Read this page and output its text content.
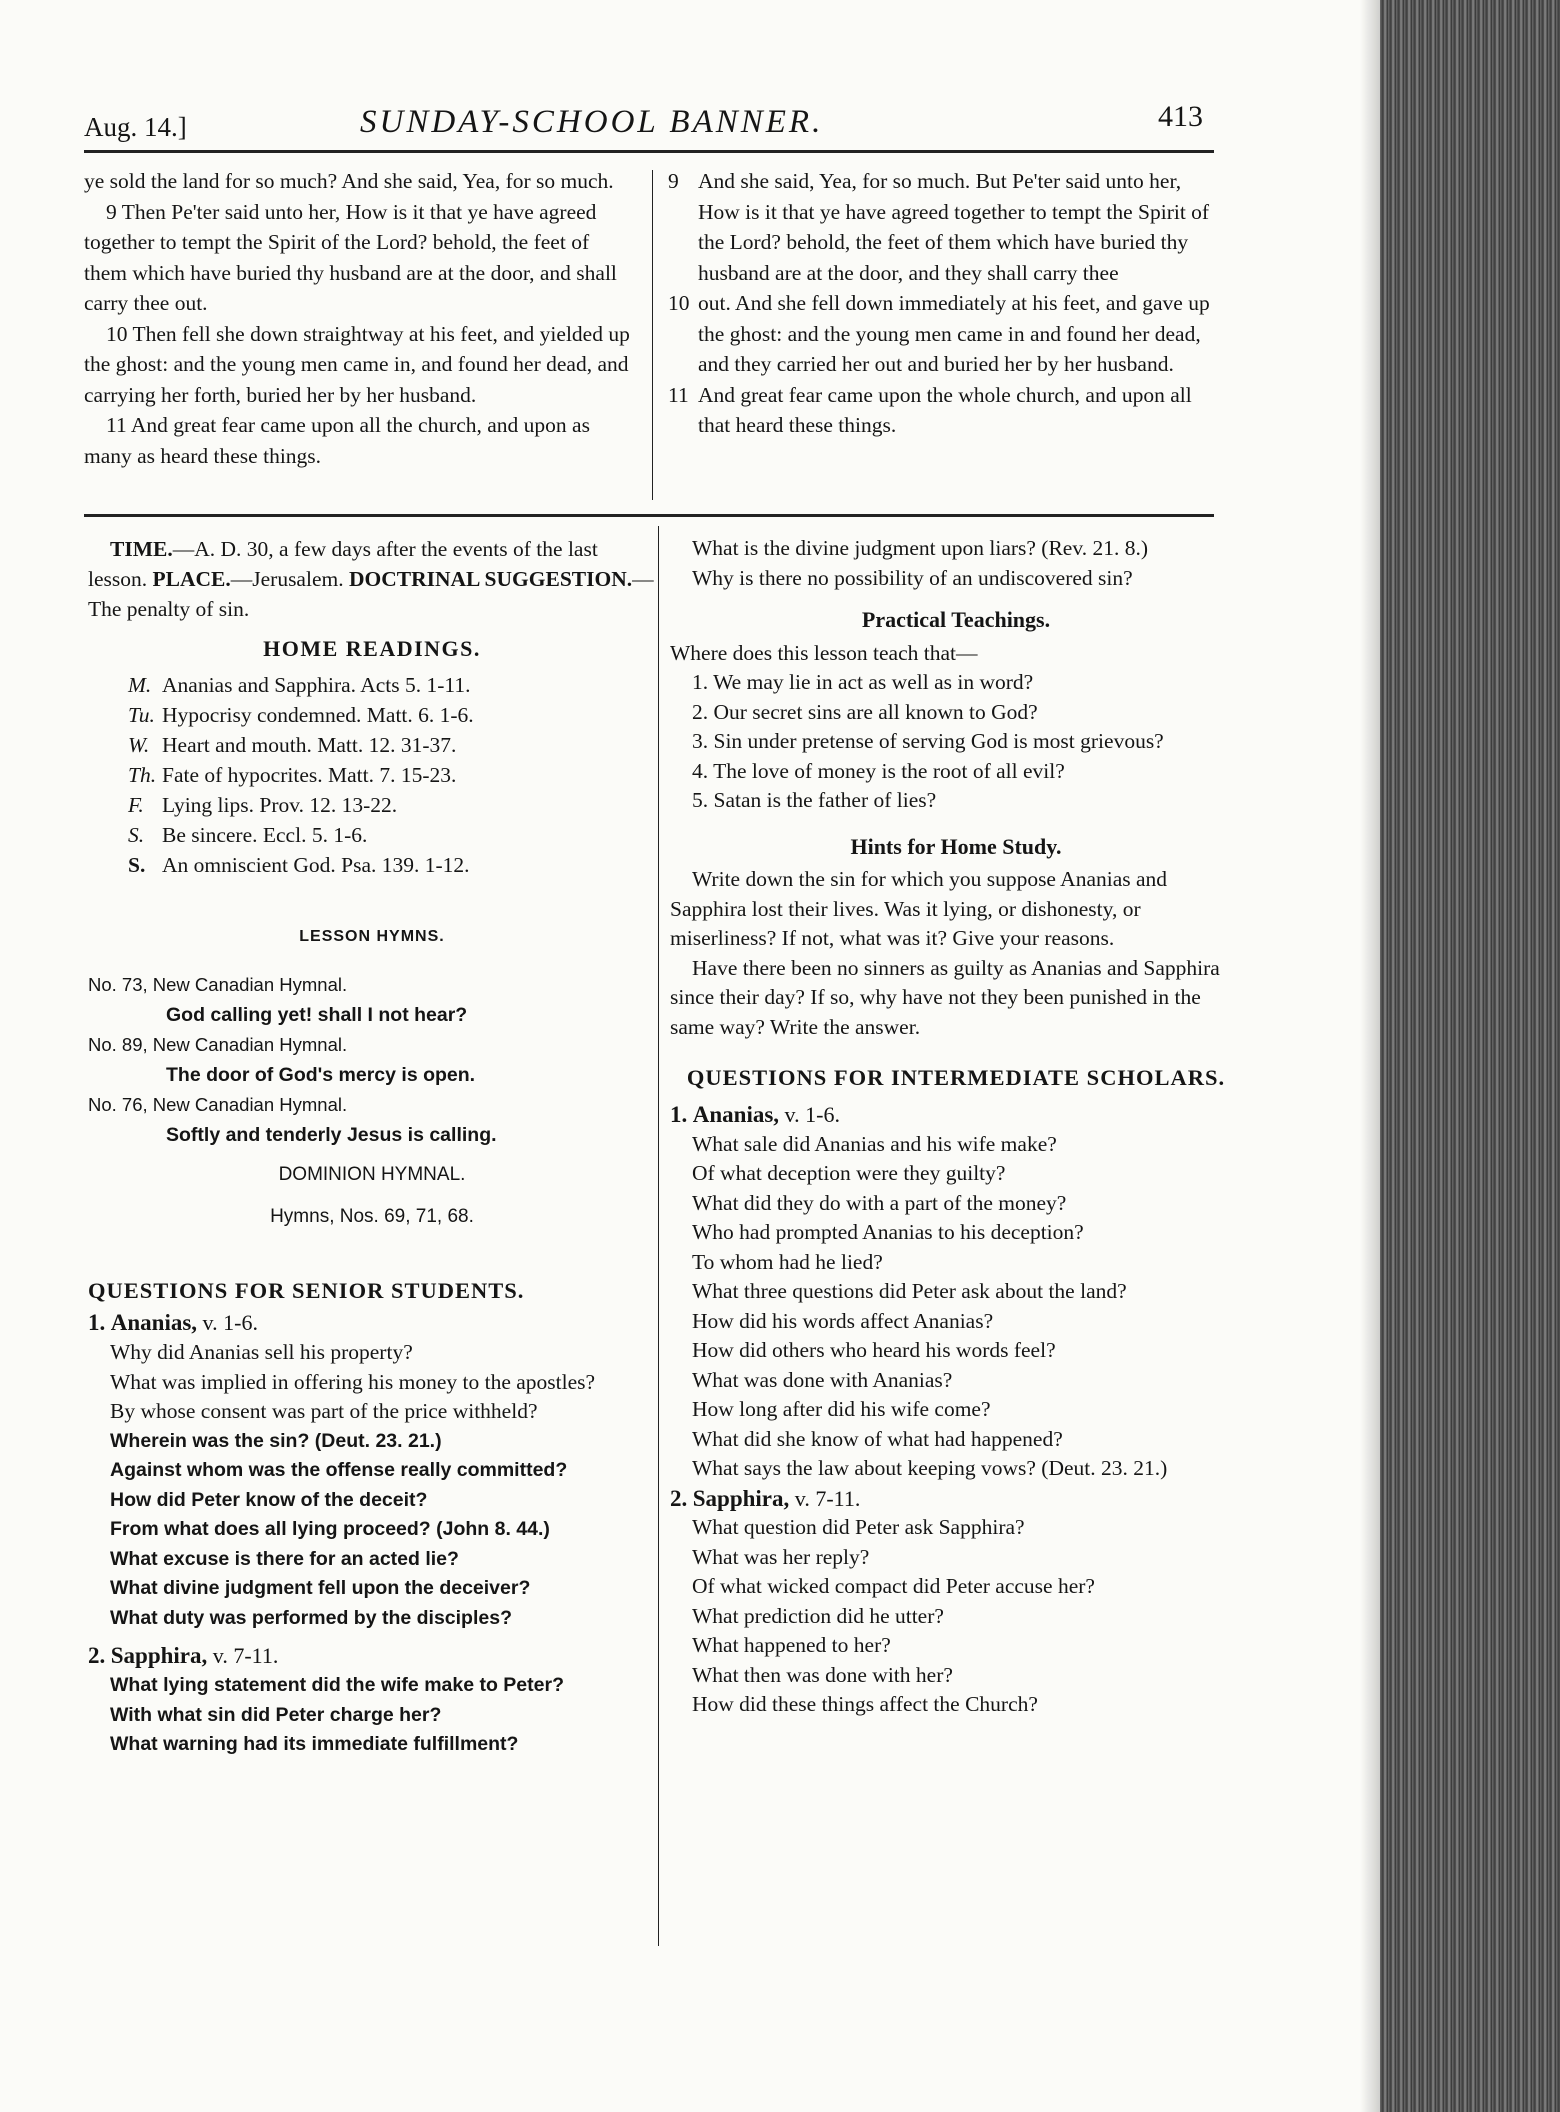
Aug. 14.]	SUNDAY-SCHOOL BANNER.	413

ye sold the land for so much? And she said, Yea, for so much.

9 Then Pe'ter said unto her, How is it that ye have agreed together to tempt the Spirit of the Lord? behold, the feet of them which have buried thy husband are at the door, and shall carry thee out.

10 Then fell she down straightway at his feet, and yielded up the ghost: and the young men came in, and found her dead, and carrying her forth, buried her by her husband.

11 And great fear came upon all the church, and upon as many as heard these things.

9 And she said, Yea, for so much. But Pe'ter said unto her, How is it that ye have agreed together to tempt the Spirit of the Lord? behold, the feet of them which have buried thy husband are at the door, and they shall carry thee

10 out. And she fell down immediately at his feet, and gave up the ghost: and the young men came in and found her dead, and they carried her out and buried her by her husband.

11 And great fear came upon the whole church, and upon all that heard these things.

TIME.—A. D. 30, a few days after the events of the last lesson. PLACE.—Jerusalem. DOCTRINAL SUGGESTION.—The penalty of sin.

HOME READINGS.

M. Ananias and Sapphira. Acts 5. 1-11.

Tu. Hypocrisy condemned. Matt. 6. 1-6.

W. Heart and mouth. Matt. 12. 31-37.

Th. Fate of hypocrites. Matt. 7. 15-23.

F. Lying lips. Prov. 12. 13-22.

S. Be sincere. Eccl. 5. 1-6.

S. An omniscient God. Psa. 139. 1-12.

LESSON HYMNS.

No. 73, New Canadian Hymnal.

God calling yet! shall I not hear?

No. 89, New Canadian Hymnal.

The door of God's mercy is open.

No. 76, New Canadian Hymnal.

Softly and tenderly Jesus is calling.

DOMINION HYMNAL.
Hymns, Nos. 69, 71, 68.
QUESTIONS FOR SENIOR STUDENTS.

1. Ananias, v. 1-6.

Why did Ananias sell his property?

What was implied in offering his money to the apostles?

By whose consent was part of the price withheld?

Wherein was the sin? (Deut. 23. 21.)

Against whom was the offense really committed?

How did Peter know of the deceit?

From what does all lying proceed? (John 8. 44.)

What excuse is there for an acted lie?

What divine judgment fell upon the deceiver?

What duty was performed by the disciples?

2. Sapphira, v. 7-11.

What lying statement did the wife make to Peter?

With what sin did Peter charge her?

What warning had its immediate fulfillment?

What is the divine judgment upon liars? (Rev. 21. 8.)

Why is there no possibility of an undiscovered sin?

Practical Teachings.

Where does this lesson teach that—

1. We may lie in act as well as in word?

2. Our secret sins are all known to God?

3. Sin under pretense of serving God is most grievous?

4. The love of money is the root of all evil?

5. Satan is the father of lies?

Hints for Home Study.

Write down the sin for which you suppose Ananias and Sapphira lost their lives. Was it lying, or dishonesty, or miserliness? If not, what was it? Give your reasons.

Have there been no sinners as guilty as Ananias and Sapphira since their day? If so, why have not they been punished in the same way? Write the answer.

QUESTIONS FOR INTERMEDIATE SCHOLARS.

1. Ananias, v. 1-6.

What sale did Ananias and his wife make?

Of what deception were they guilty?

What did they do with a part of the money?

Who had prompted Ananias to his deception?

To whom had he lied?

What three questions did Peter ask about the land?

How did his words affect Ananias?

How did others who heard his words feel?

What was done with Ananias?

How long after did his wife come?

What did she know of what had happened?

What says the law about keeping vows? (Deut. 23. 21.)

2. Sapphira, v. 7-11.

What question did Peter ask Sapphira?

What was her reply?

Of what wicked compact did Peter accuse her?

What prediction did he utter?

What happened to her?

What then was done with her?

How did these things affect the Church?
